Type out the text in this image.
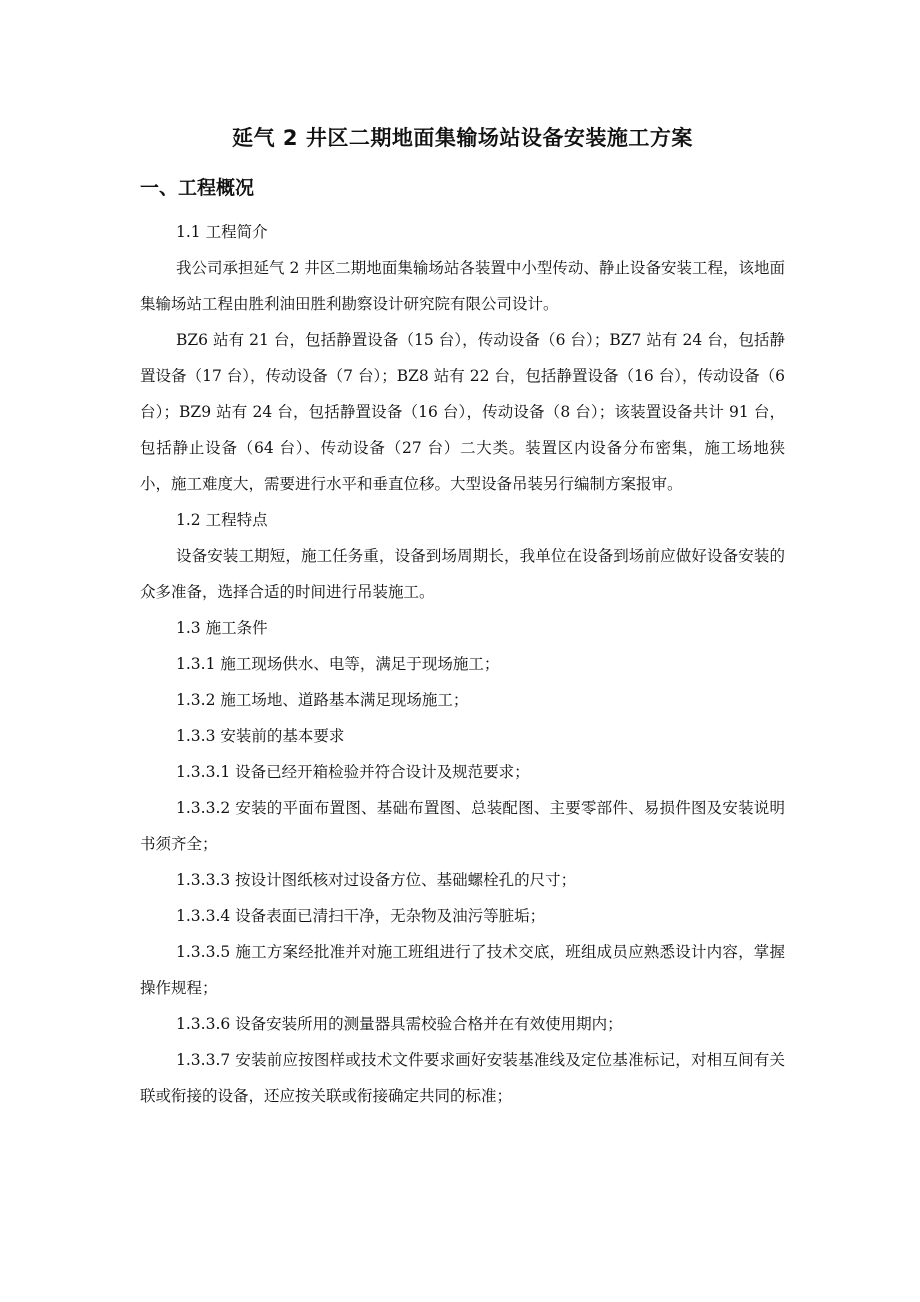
延气 2 井区二期地面集输场站设备安装施工方案
一、工程概况

1.1 工程简介

我公司承担延气 2 井区二期地面集输场站各装置中小型传动、静止设备安装工程，该地面集输场站工程由胜利油田胜利勘察设计研究院有限公司设计。

BZ6 站有 21 台，包括静置设备（15 台），传动设备（6 台）；BZ7 站有 24 台，包括静置设备（17 台），传动设备（7 台）；BZ8 站有 22 台，包括静置设备（16 台），传动设备（6 台）；BZ9 站有 24 台，包括静置设备（16 台），传动设备（8 台）；该装置设备共计 91 台，包括静止设备（64 台）、传动设备（27 台）二大类。装置区内设备分布密集，施工场地狭小，施工难度大，需要进行水平和垂直位移。大型设备吊装另行编制方案报审。

1.2 工程特点

设备安装工期短，施工任务重，设备到场周期长，我单位在设备到场前应做好设备安装的众多准备，选择合适的时间进行吊装施工。

1.3 施工条件

1.3.1 施工现场供水、电等，满足于现场施工；

1.3.2 施工场地、道路基本满足现场施工；

1.3.3 安装前的基本要求

1.3.3.1 设备已经开箱检验并符合设计及规范要求；

1.3.3.2 安装的平面布置图、基础布置图、总装配图、主要零部件、易损件图及安装说明书须齐全；

1.3.3.3 按设计图纸核对过设备方位、基础螺栓孔的尺寸；

1.3.3.4 设备表面已清扫干净，无杂物及油污等脏垢；

1.3.3.5 施工方案经批准并对施工班组进行了技术交底，班组成员应熟悉设计内容，掌握操作规程；

1.3.3.6 设备安装所用的测量器具需校验合格并在有效使用期内；

1.3.3.7 安装前应按图样或技术文件要求画好安装基准线及定位基准标记，对相互间有关联或衔接的设备，还应按关联或衔接确定共同的标准；
